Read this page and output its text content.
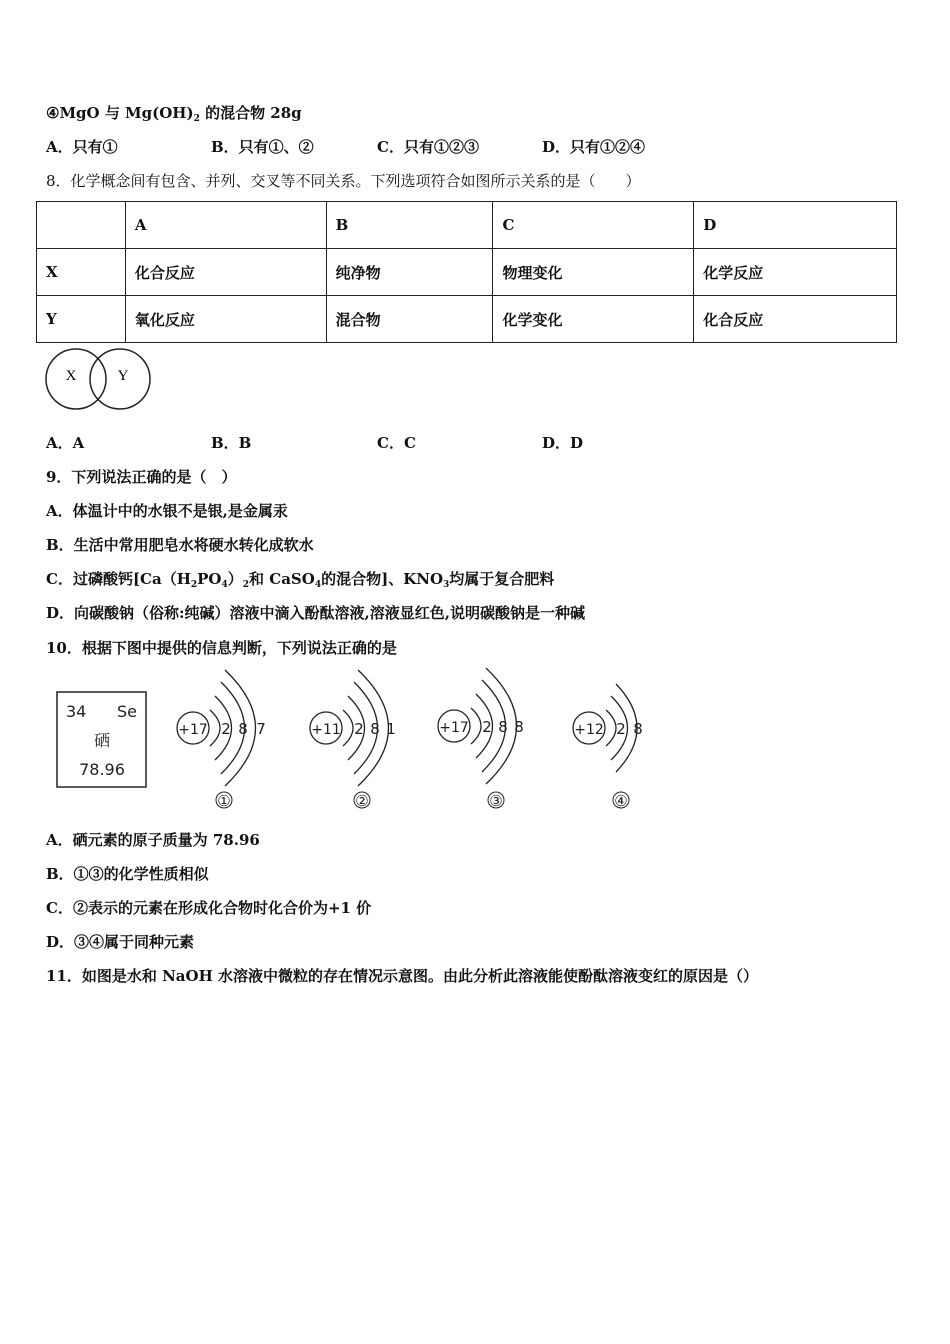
④MgO 与 $Mg(OH)_2$ 的混合物 28g
A．只有①	B．只有①、②	C．只有①②③	D．只有①②④
8．化学概念间有包含、并列、交叉等不同关系。下列选项符合如图所示关系的是（　　）
	A	B	C	D
X	化合反应	纯净物	物理变化	化学反应
Y	氧化反应	混合物	化学变化	化合反应
X	Y
A．A	B．B	C．C	D．D
9．下列说法正确的是（　）
A．体温计中的水银不是银,是金属汞
B．生活中常用肥皂水将硬水转化成软水
C．过磷酸钙[$Ca(H_2PO_4)_2$和 CaSO$_4$的混合物]、$KNO_3$均属于复合肥料
D．向碳酸钠（俗称:纯碱）溶液中滴入酚酞溶液,溶液显红色,说明碳酸钠是一种碱
10．根据下图中提供的信息判断，下列说法正确的是
34 Se
硒
78.96
+17 2 8 7
①
+11 2 8 1
②
+17 2 8 8
③
+12 2 8
④
A．硒元素的原子质量为 78.96
B．①③的化学性质相似
C．②表示的元素在形成化合物时化合价为+1 价
D．③④属于同种元素
11．如图是水和 NaOH 水溶液中微粒的存在情况示意图。由此分析此溶液能使酚酞溶液变红的原因是（）
